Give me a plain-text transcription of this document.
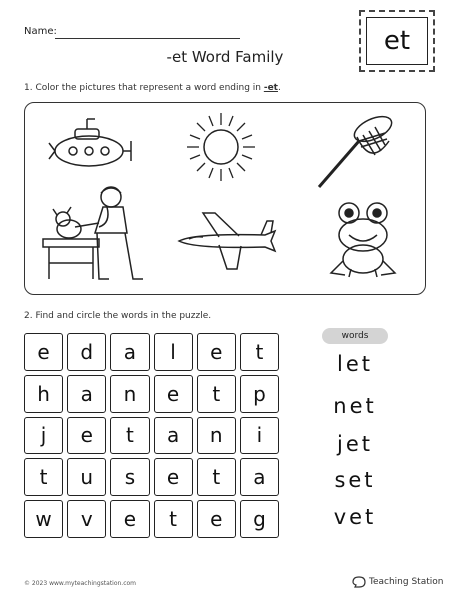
Name:
-et Word Family
et
1. Color the pictures that represent a word ending in -et.
2. Find and circle the words in the puzzle.
e	d	a	l	e	t
h	a	n	e	t	p
j	e	t	a	n	i
t	u	s	e	t	a
w	v	e	t	e	g
words
let
net
jet
set
vet
© 2023 www.myteachingstation.com	Teaching Station
